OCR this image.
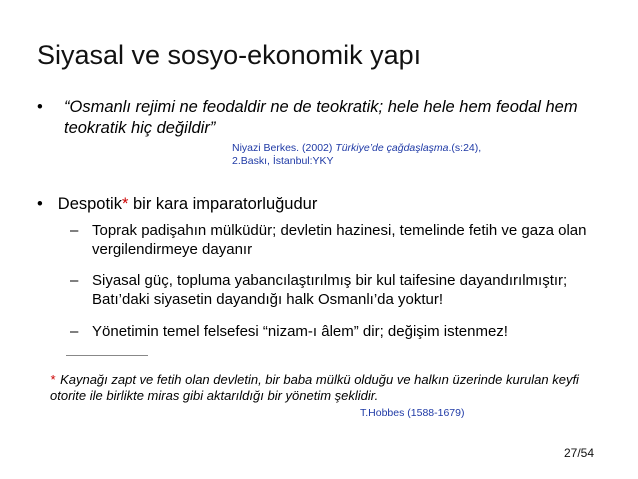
Siyasal ve sosyo-ekonomik yapı
• “Osmanlı rejimi ne feodaldir ne de teokratik; hele hele hem feodal hem teokratik hiç değildir”
Niyazi Berkes. (2002) Türkiye’de çağdaşlaşma.(s:24),
2.Baskı, İstanbul:YKY
• Despotik* bir kara imparatorluğudur
– Toprak padişahın mülküdür; devletin hazinesi, temelinde fetih ve gaza olan vergilendirmeye dayanır
– Siyasal güç, topluma yabancılaştırılmış bir kul taifesine dayandırılmıştır; Batı’daki siyasetin dayandığı halk Osmanlı’da yoktur!
– Yönetimin temel felsefesi “nizam-ı âlem” dir; değişim istenmez!
* Kaynağı zapt ve fetih olan devletin, bir baba mülkü olduğu ve halkın üzerinde kurulan keyfi otorite ile birlikte miras gibi aktarıldığı bir yönetim şeklidir.
T.Hobbes (1588-1679)
27/54
